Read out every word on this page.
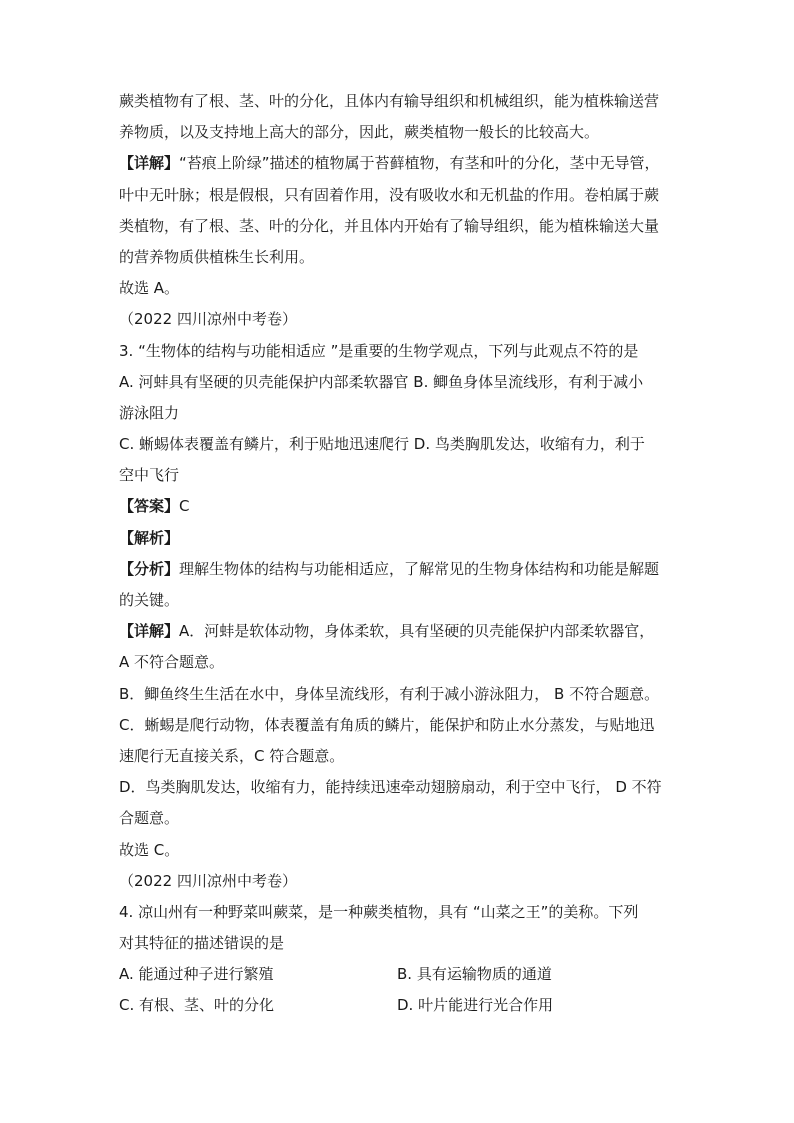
蕨类植物有了根、茎、叶的分化，且体内有输导组织和机械组织，能为植株输送营
养物质，以及支持地上高大的部分，因此，蕨类植物一般长的比较高大。
【详解】“苔痕上阶绿”描述的植物属于苔藓植物，有茎和叶的分化，茎中无导管，
叶中无叶脉；根是假根，只有固着作用，没有吸收水和无机盐的作用。卷柏属于蕨
类植物，有了根、茎、叶的分化，并且体内开始有了输导组织，能为植株输送大量
的营养物质供植株生长利用。
故选 A。
（2022 四川凉州中考卷）
3. “生物体的结构与功能相适应 ”是重要的生物学观点，下列与此观点不符的是
A. 河蚌具有坚硬的贝壳能保护内部柔软器官 B. 鲫鱼身体呈流线形，有利于减小
游泳阻力
C. 蜥蜴体表覆盖有鳞片，利于贴地迅速爬行 D. 鸟类胸肌发达，收缩有力，利于
空中飞行
【答案】C
【解析】
【分析】理解生物体的结构与功能相适应，了解常见的生物身体结构和功能是解题
的关键。
【详解】A．河蚌是软体动物，身体柔软，具有坚硬的贝壳能保护内部柔软器官，
A 不符合题意。
B．鲫鱼终生生活在水中，身体呈流线形，有利于减小游泳阻力， B 不符合题意。
C．蜥蜴是爬行动物，体表覆盖有角质的鳞片，能保护和防止水分蒸发，与贴地迅
速爬行无直接关系，C 符合题意。
D．鸟类胸肌发达，收缩有力，能持续迅速牵动翅膀扇动，利于空中飞行， D 不符
合题意。
故选 C。
（2022 四川凉州中考卷）
4. 凉山州有一种野菜叫蕨菜，是一种蕨类植物，具有 “山菜之王”的美称。下列
对其特征的描述错误的是
A. 能通过种子进行繁殖	B. 具有运输物质的通道
C. 有根、茎、叶的分化	D. 叶片能进行光合作用
